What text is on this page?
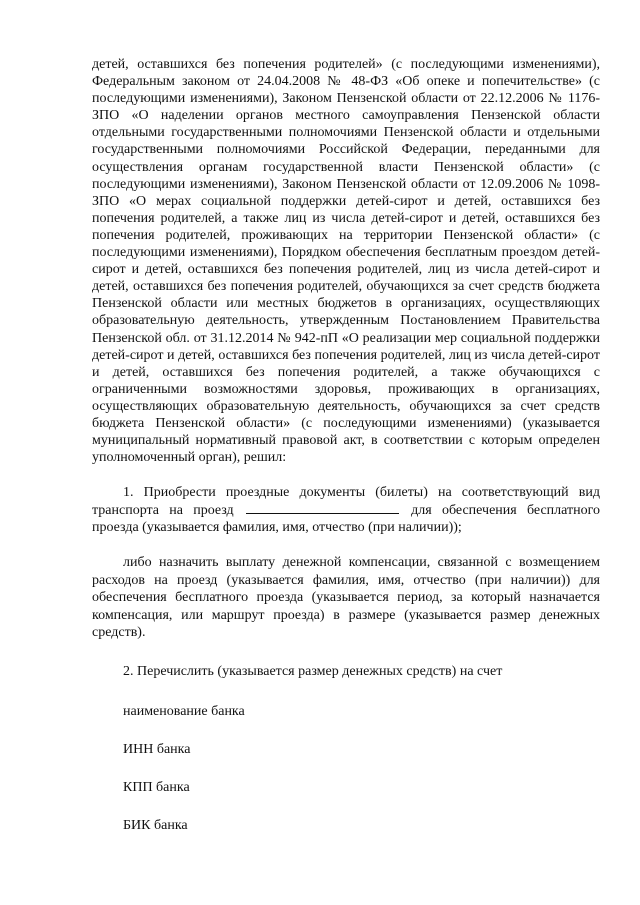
детей, оставшихся без попечения родителей» (с последующими изменениями), Федеральным законом от 24.04.2008 № 48-ФЗ «Об опеке и попечительстве» (с последующими изменениями), Законом Пензенской области от 22.12.2006 № 1176-ЗПО «О наделении органов местного самоуправления Пензенской области отдельными государственными полномочиями Пензенской области и отдельными государственными полномочиями Российской Федерации, переданными для осуществления органам государственной власти Пензенской области» (с последующими изменениями), Законом Пензенской области от 12.09.2006 № 1098-ЗПО «О мерах социальной поддержки детей-сирот и детей, оставшихся без попечения родителей, а также лиц из числа детей-сирот и детей, оставшихся без попечения родителей, проживающих на территории Пензенской области» (с последующими изменениями), Порядком обеспечения бесплатным проездом детей-сирот и детей, оставшихся без попечения родителей, лиц из числа детей-сирот и детей, оставшихся без попечения родителей, обучающихся за счет средств бюджета Пензенской области или местных бюджетов в организациях, осуществляющих образовательную деятельность, утвержденным Постановлением Правительства Пензенской обл. от 31.12.2014 № 942-пП «О реализации мер социальной поддержки детей-сирот и детей, оставшихся без попечения родителей, лиц из числа детей-сирот и детей, оставшихся без попечения родителей, а также обучающихся с ограниченными возможностями здоровья, проживающих в организациях, осуществляющих образовательную деятельность, обучающихся за счет средств бюджета Пензенской области» (с последующими изменениями) (указывается муниципальный нормативный правовой акт, в соответствии с которым определен уполномоченный орган), решил:

1. Приобрести проездные документы (билеты) на соответствующий вид транспорта на проезд	для обеспечения бесплатного проезда (указывается фамилия, имя, отчество (при наличии));

либо назначить выплату денежной компенсации, связанной с возмещением расходов на проезд (указывается фамилия, имя, отчество (при наличии)) для обеспечения бесплатного проезда (указывается период, за который назначается компенсация, или маршрут проезда) в размере (указывается размер денежных средств).

2. Перечислить (указывается размер денежных средств) на счет

наименование банка

ИНН банка

КПП банка

БИК банка
